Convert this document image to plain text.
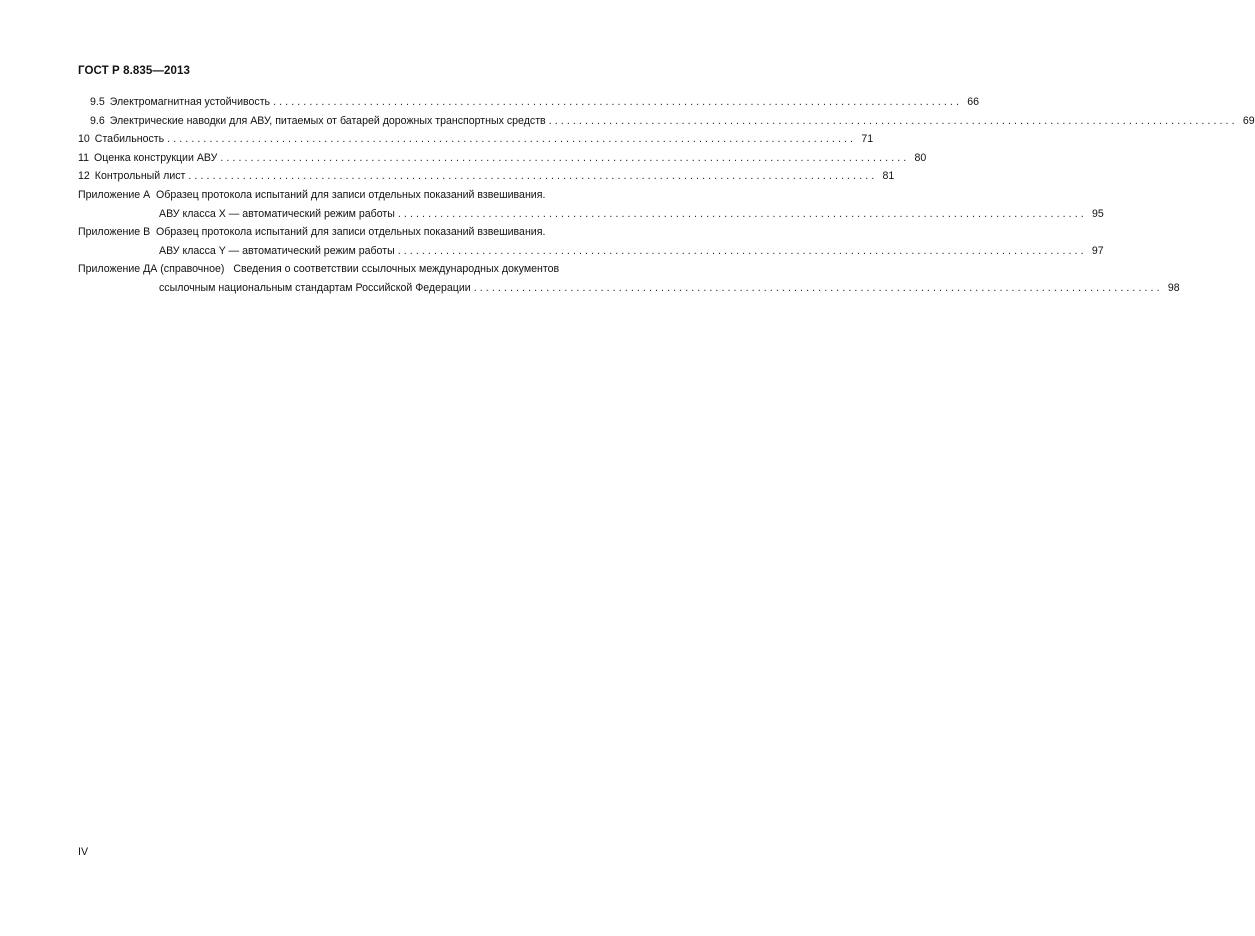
ГОСТ Р 8.835—2013
9.5 Электромагнитная устойчивость .................................................................................................................. 66
9.6 Электрические наводки для АВУ, питаемых от батарей дорожных транспортных средств .................................................................................................................. 69
10 Стабильность .................................................................................................................. 71
11 Оценка конструкции АВУ .................................................................................................................. 80
12 Контрольный лист .................................................................................................................. 81
Приложение А
Образец протокола испытаний для записи отдельных показаний взвешивания.
АВУ класса X — автоматический режим работы .................................................................................................................. 95
Приложение В
Образец протокола испытаний для записи отдельных показаний взвешивания.
АВУ класса Y — автоматический режим работы .................................................................................................................. 97
Приложение ДА (справочное)
Сведения о соответствии ссылочных международных документов
ссылочным национальным стандартам Российской Федерации .................................................................................................................. 98
IV
